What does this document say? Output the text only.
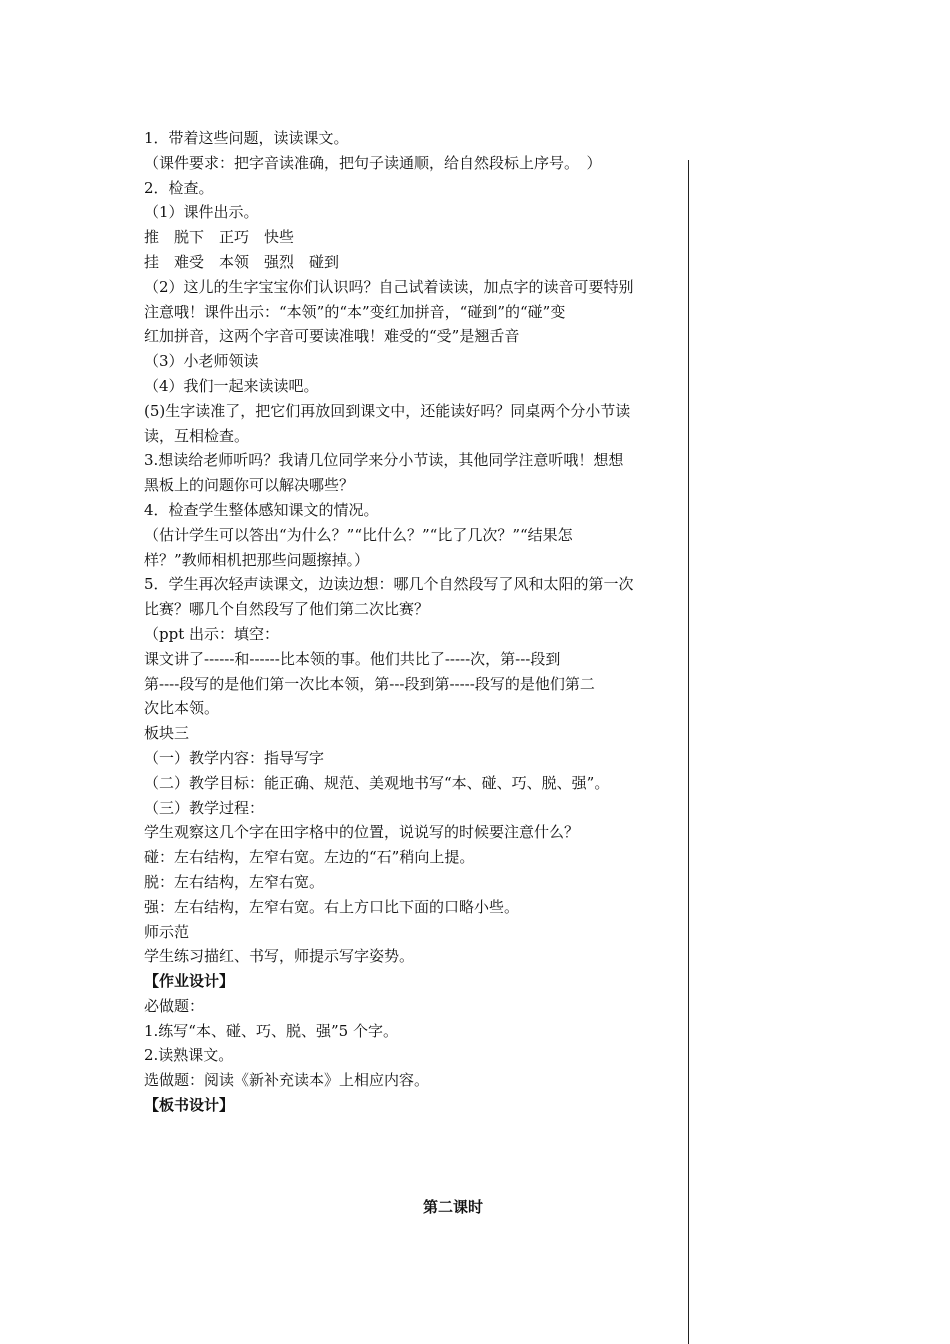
1．带着这些问题，读读课文。
（课件要求：把字音读准确，把句子读通顺，给自然段标上序号。　）
2．检查。
（1）课件出示。
推　脱下　正巧　快些
挂　难受　本领　强烈　碰到
（2）这儿的生字宝宝你们认识吗？自己试着读读，加点字的读音可要特别
注意哦！课件出示：“本领”的“本”变红加拼音，“碰到”的“碰”变
红加拼音，这两个字音可要读准哦！难受的“受”是翘舌音
（3）小老师领读
（4）我们一起来读读吧。
(5)生字读准了，把它们再放回到课文中，还能读好吗？同桌两个分小节读
读，互相检查。
3.想读给老师听吗？我请几位同学来分小节读，其他同学注意听哦！想想
黑板上的问题你可以解决哪些？
4．检查学生整体感知课文的情况。
（估计学生可以答出“为什么？”“比什么？”“比了几次？”“结果怎
样？”教师相机把那些问题擦掉。）
5．学生再次轻声读课文，边读边想：哪几个自然段写了风和太阳的第一次
比赛？哪几个自然段写了他们第二次比赛？
（ppt 出示：填空：
课文讲了------和------比本领的事。他们共比了-----次，第---段到
第----段写的是他们第一次比本领，第---段到第-----段写的是他们第二
次比本领。
板块三
（一）教学内容：指导写字
（二）教学目标：能正确、规范、美观地书写“本、碰、巧、脱、强”。
（三）教学过程：
学生观察这几个字在田字格中的位置，说说写的时候要注意什么？
碰：左右结构，左窄右宽。左边的“石”稍向上提。
脱：左右结构，左窄右宽。
强：左右结构，左窄右宽。右上方口比下面的口略小些。
师示范
学生练习描红、书写，师提示写字姿势。
【作业设计】
必做题：
1.练写“本、碰、巧、脱、强”5 个字。
2.读熟课文。
选做题：阅读《新补充读本》上相应内容。
【板书设计】
第二课时
